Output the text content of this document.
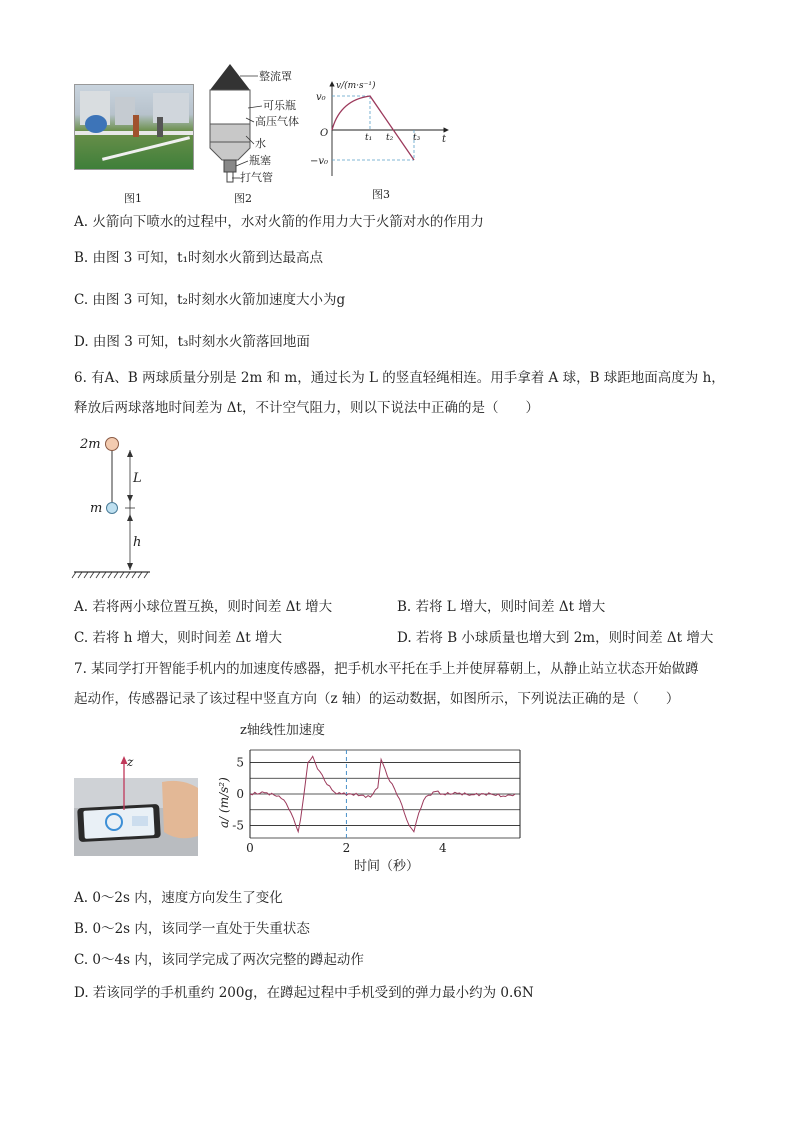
图1
整流罩
可乐瓶
高压气体
水
瓶塞
打气管
图2
v/(m·s⁻¹)
v₀
−v₀
O	t₁ t₂ t₃ t
图3
A. 火箭向下喷水的过程中，水对火箭的作用力大于火箭对水的作用力
B. 由图 3 可知，t₁时刻水火箭到达最高点
C. 由图 3 可知，t₂时刻水火箭加速度大小为g
D. 由图 3 可知，t₃时刻水火箭落回地面
6. 有A、B 两球质量分别是 2m 和 m，通过长为 L 的竖直轻绳相连。用手拿着 A 球，B 球距地面高度为 h，
释放后两球落地时间差为 Δt，不计空气阻力，则以下说法中正确的是（　　）
2m
m
L
h
A. 若将两小球位置互换，则时间差 Δt 增大	B. 若将 L 增大，则时间差 Δt 增大
C. 若将 h 增大，则时间差 Δt 增大	D. 若将 B 小球质量也增大到 2m，则时间差 Δt 增大
7. 某同学打开智能手机内的加速度传感器，把手机水平托在手上并使屏幕朝上，从静止站立状态开始做蹲
起动作，传感器记录了该过程中竖直方向（z 轴）的运动数据，如图所示，下列说法正确的是（　　）
z
z轴线性加速度
时间（秒）
a/ (m/s²)
5
0
-5
0	2	4
A. 0～2s 内，速度方向发生了变化
B. 0～2s 内，该同学一直处于失重状态
C. 0～4s 内，该同学完成了两次完整的蹲起动作
D. 若该同学的手机重约 200g，在蹲起过程中手机受到的弹力最小约为 0.6N
